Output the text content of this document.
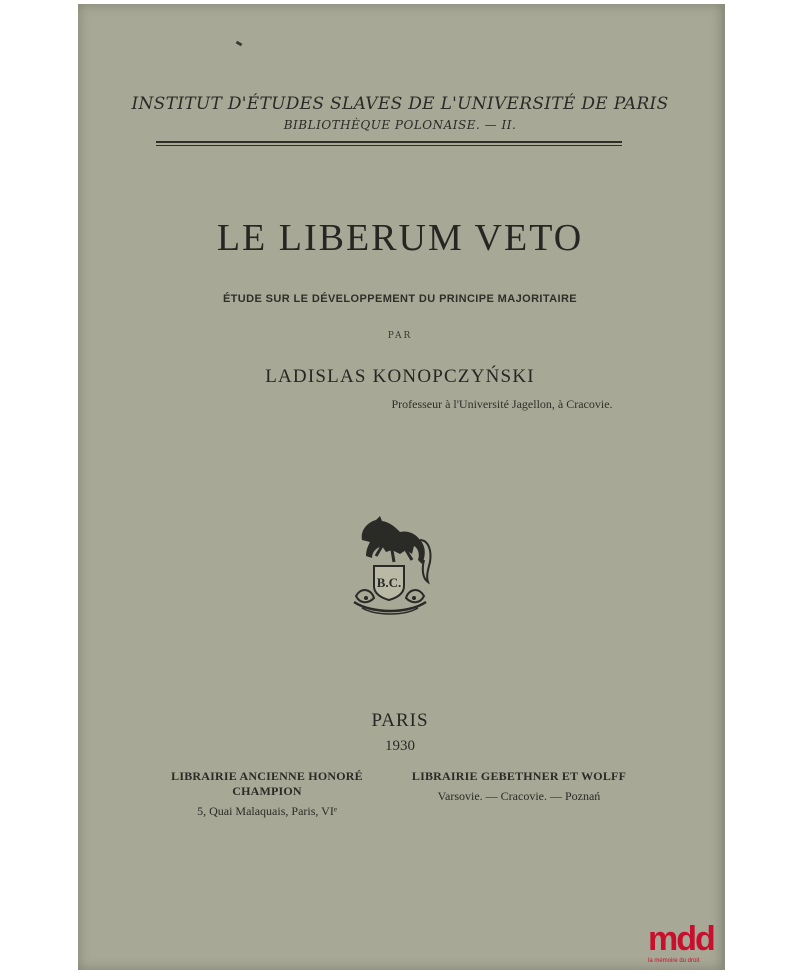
INSTITUT D'ÉTUDES SLAVES DE L'UNIVERSITÉ DE PARIS
BIBLIOTHÈQUE POLONAISE. — II.
LE LIBERUM VETO
ÉTUDE SUR LE DÉVELOPPEMENT DU PRINCIPE MAJORITAIRE
PAR
LADISLAS KONOPCZYŃSKI
Professeur à l'Université Jagellon, à Cracovie.
B.C.
PARIS
1930
LIBRAIRIE ANCIENNE HONORÉ CHAMPION
5, Quai Malaquais, Paris, VIᵉ
LIBRAIRIE GEBETHNER ET WOLFF
Varsovie. — Cracovie. — Poznań
mdd
la mémoire du droit
